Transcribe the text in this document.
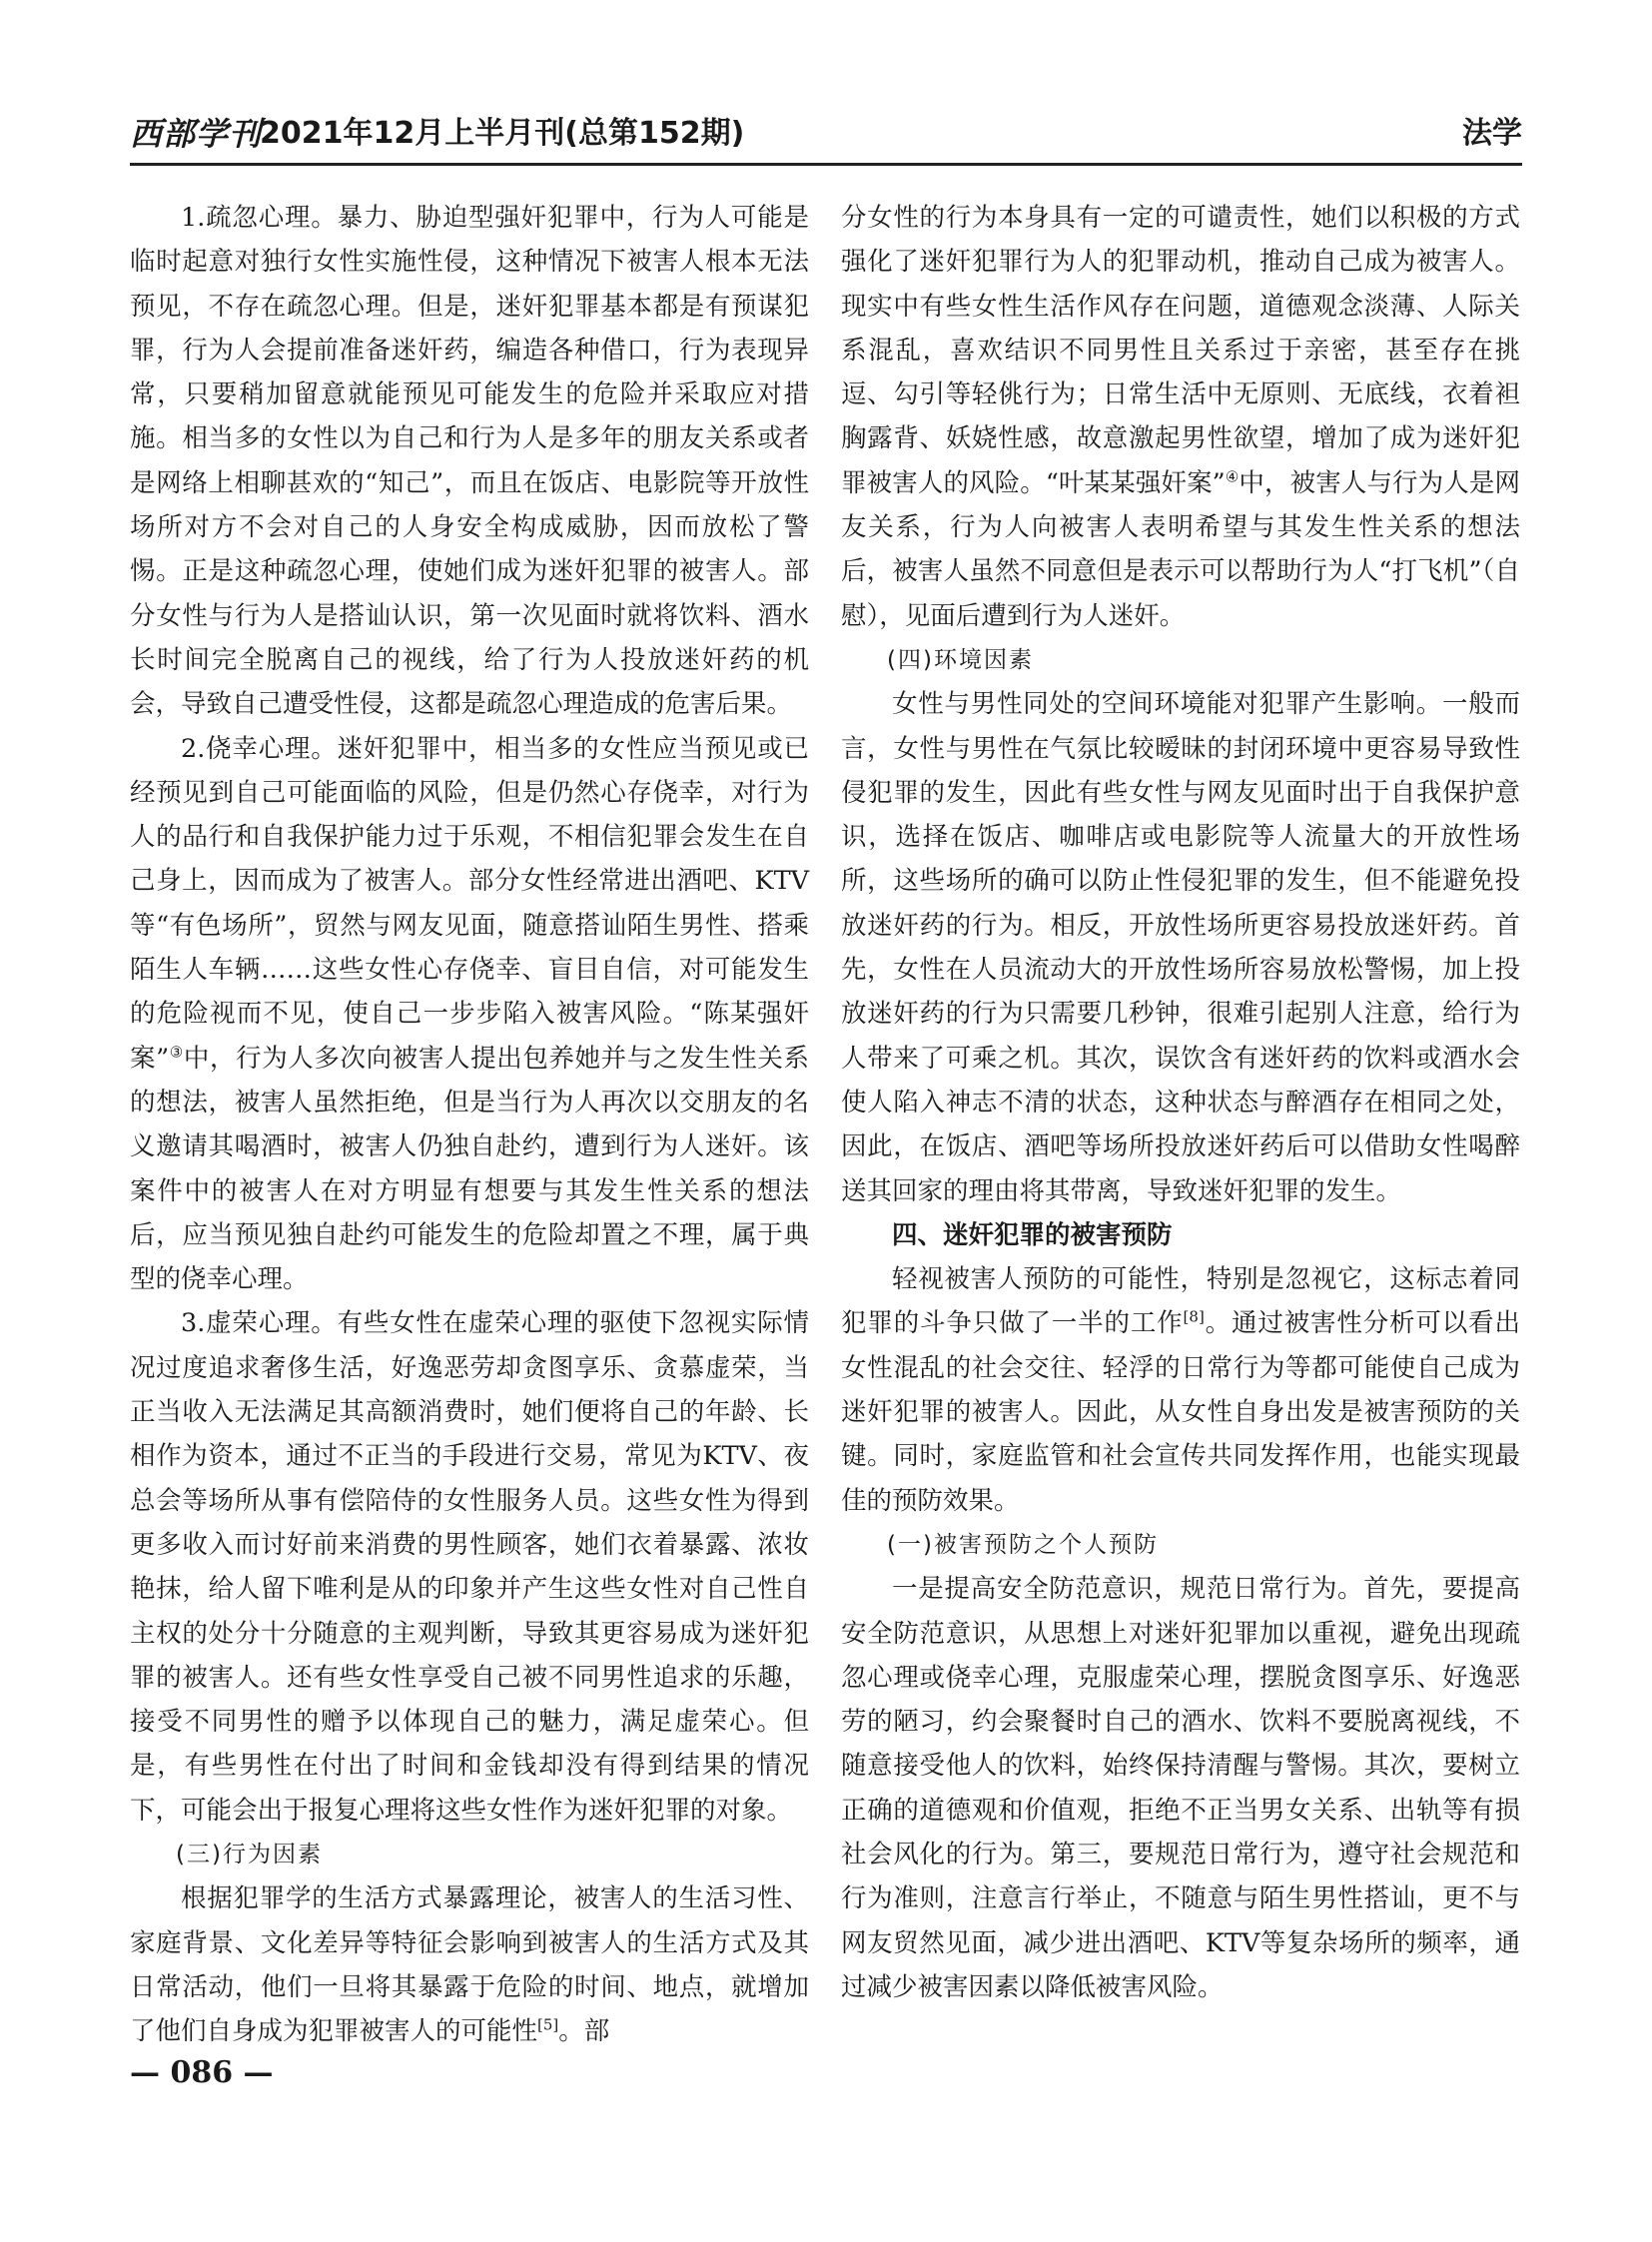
西部学刊
2021年12月上半月刊(总第152期)	法学

1.疏忽心理。暴力、胁迫型强奸犯罪中，行为人可能是临时起意对独行女性实施性侵，这种情况下被害人根本无法预见，不存在疏忽心理。但是，迷奸犯罪基本都是有预谋犯罪，行为人会提前准备迷奸药，编造各种借口，行为表现异常，只要稍加留意就能预见可能发生的危险并采取应对措施。相当多的女性以为自己和行为人是多年的朋友关系或者是网络上相聊甚欢的“知己”，而且在饭店、电影院等开放性场所对方不会对自己的人身安全构成威胁，因而放松了警惕。正是这种疏忽心理，使她们成为迷奸犯罪的被害人。部分女性与行为人是搭讪认识，第一次见面时就将饮料、酒水长时间完全脱离自己的视线，给了行为人投放迷奸药的机会，导致自己遭受性侵，这都是疏忽心理造成的危害后果。

2.侥幸心理。迷奸犯罪中，相当多的女性应当预见或已经预见到自己可能面临的风险，但是仍然心存侥幸，对行为人的品行和自我保护能力过于乐观，不相信犯罪会发生在自己身上，因而成为了被害人。部分女性经常进出酒吧、KTV等“有色场所”，贸然与网友见面，随意搭讪陌生男性、搭乘陌生人车辆……这些女性心存侥幸、盲目自信，对可能发生的危险视而不见，使自己一步步陷入被害风险。“陈某强奸案”③中，行为人多次向被害人提出包养她并与之发生性关系的想法，被害人虽然拒绝，但是当行为人再次以交朋友的名义邀请其喝酒时，被害人仍独自赴约，遭到行为人迷奸。该案件中的被害人在对方明显有想要与其发生性关系的想法后，应当预见独自赴约可能发生的危险却置之不理，属于典型的侥幸心理。

3.虚荣心理。有些女性在虚荣心理的驱使下忽视实际情况过度追求奢侈生活，好逸恶劳却贪图享乐、贪慕虚荣，当正当收入无法满足其高额消费时，她们便将自己的年龄、长相作为资本，通过不正当的手段进行交易，常见为KTV、夜总会等场所从事有偿陪侍的女性服务人员。这些女性为得到更多收入而讨好前来消费的男性顾客，她们衣着暴露、浓妆艳抹，给人留下唯利是从的印象并产生这些女性对自己性自主权的处分十分随意的主观判断，导致其更容易成为迷奸犯罪的被害人。还有些女性享受自己被不同男性追求的乐趣，接受不同男性的赠予以体现自己的魅力，满足虚荣心。但是，有些男性在付出了时间和金钱却没有得到结果的情况下，可能会出于报复心理将这些女性作为迷奸犯罪的对象。

(三)行为因素

根据犯罪学的生活方式暴露理论，被害人的生活习性、家庭背景、文化差异等特征会影响到被害人的生活方式及其日常活动，他们一旦将其暴露于危险的时间、地点，就增加了他们自身成为犯罪被害人的可能性[5]。部

分女性的行为本身具有一定的可谴责性，她们以积极的方式强化了迷奸犯罪行为人的犯罪动机，推动自己成为被害人。现实中有些女性生活作风存在问题，道德观念淡薄、人际关系混乱，喜欢结识不同男性且关系过于亲密，甚至存在挑逗、勾引等轻佻行为；日常生活中无原则、无底线，衣着袒胸露背、妖娆性感，故意激起男性欲望，增加了成为迷奸犯罪被害人的风险。“叶某某强奸案”④中，被害人与行为人是网友关系，行为人向被害人表明希望与其发生性关系的想法后，被害人虽然不同意但是表示可以帮助行为人“打飞机”（自慰），见面后遭到行为人迷奸。

(四)环境因素

女性与男性同处的空间环境能对犯罪产生影响。一般而言，女性与男性在气氛比较暧昧的封闭环境中更容易导致性侵犯罪的发生，因此有些女性与网友见面时出于自我保护意识，选择在饭店、咖啡店或电影院等人流量大的开放性场所，这些场所的确可以防止性侵犯罪的发生，但不能避免投放迷奸药的行为。相反，开放性场所更容易投放迷奸药。首先，女性在人员流动大的开放性场所容易放松警惕，加上投放迷奸药的行为只需要几秒钟，很难引起别人注意，给行为人带来了可乘之机。其次，误饮含有迷奸药的饮料或酒水会使人陷入神志不清的状态，这种状态与醉酒存在相同之处，因此，在饭店、酒吧等场所投放迷奸药后可以借助女性喝醉送其回家的理由将其带离，导致迷奸犯罪的发生。

四、迷奸犯罪的被害预防

轻视被害人预防的可能性，特别是忽视它，这标志着同犯罪的斗争只做了一半的工作[8]。通过被害性分析可以看出女性混乱的社会交往、轻浮的日常行为等都可能使自己成为迷奸犯罪的被害人。因此，从女性自身出发是被害预防的关键。同时，家庭监管和社会宣传共同发挥作用，也能实现最佳的预防效果。

(一)被害预防之个人预防

一是提高安全防范意识，规范日常行为。首先，要提高安全防范意识，从思想上对迷奸犯罪加以重视，避免出现疏忽心理或侥幸心理，克服虚荣心理，摆脱贪图享乐、好逸恶劳的陋习，约会聚餐时自己的酒水、饮料不要脱离视线，不随意接受他人的饮料，始终保持清醒与警惕。其次，要树立正确的道德观和价值观，拒绝不正当男女关系、出轨等有损社会风化的行为。第三，要规范日常行为，遵守社会规范和行为准则，注意言行举止，不随意与陌生男性搭讪，更不与网友贸然见面，减少进出酒吧、KTV等复杂场所的频率，通过减少被害因素以降低被害风险。

— 086 —
